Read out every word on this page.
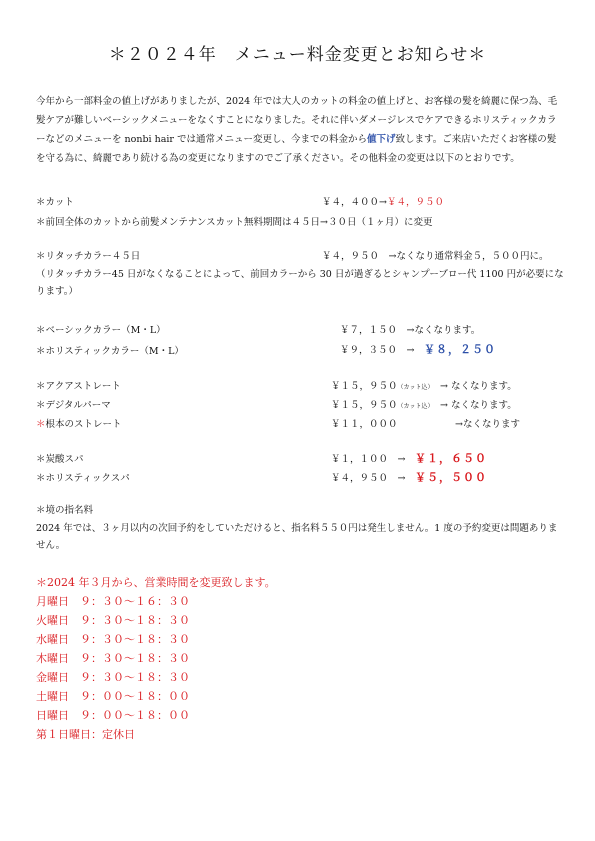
＊２０２４年　メニュー料金変更とお知らせ＊
今年から一部料金の値上げがありましたが、2024 年では大人のカットの料金の値上げと、お客様の髪を綺麗に保つ為、毛髪ケアが難しいベーシックメニューをなくすことになりました。それに伴いダメージレスでケアできるホリスティックカラーなどのメニューを nonbi hair では通常メニュー変更し、今までの料金から値下げ致します。ご来店いただくお客様の髪を守る為に、綺麗であり続ける為の変更になりますのでご了承ください。その他料金の変更は以下のとおりです。
＊カット	￥４，４００→￥４，９５０
＊前回全体のカットから前髪メンテナンスカット無料期間は４５日→３０日（１ヶ月）に変更
＊リタッチカラー４５日	￥４，９５０　→なくなり通常料金５，５００円に。
（リタッチカラー45 日がなくなることによって、前回カラーから 30 日が過ぎるとシャンプーブロー代 1100 円が必要になります。）
＊ベーシックカラー（M・L）	￥７，１５０　→なくなります。
＊ホリスティックカラー（M・L）	￥９，３５０　→　 ￥８，２５０
＊アクアストレート	￥１５，９５０（カット込）　 → なくなります。
＊デジタルパーマ	￥１５，９５０（カット込）　 → なくなります。
＊根本のストレート	￥１１，０００	→なくなります
＊炭酸スパ	￥１，１００　→　 ￥１，６５０
＊ホリスティックスパ	￥４，９５０　→　 ￥５，５００
＊境の指名料
2024 年では、３ヶ月以内の次回予約をしていただけると、指名料５５０円は発生しません。1 度の予約変更は問題ありません。
＊2024 年３月から、営業時間を変更致します。
月曜日　９：３０～１６：３０
火曜日　９：３０～１８：３０
水曜日　９：３０～１８：３０
木曜日　９：３０～１８：３０
金曜日　９：３０～１８：３０
土曜日　９：００～１８：００
日曜日　９：００～１８：００
第１日曜日：定休日
